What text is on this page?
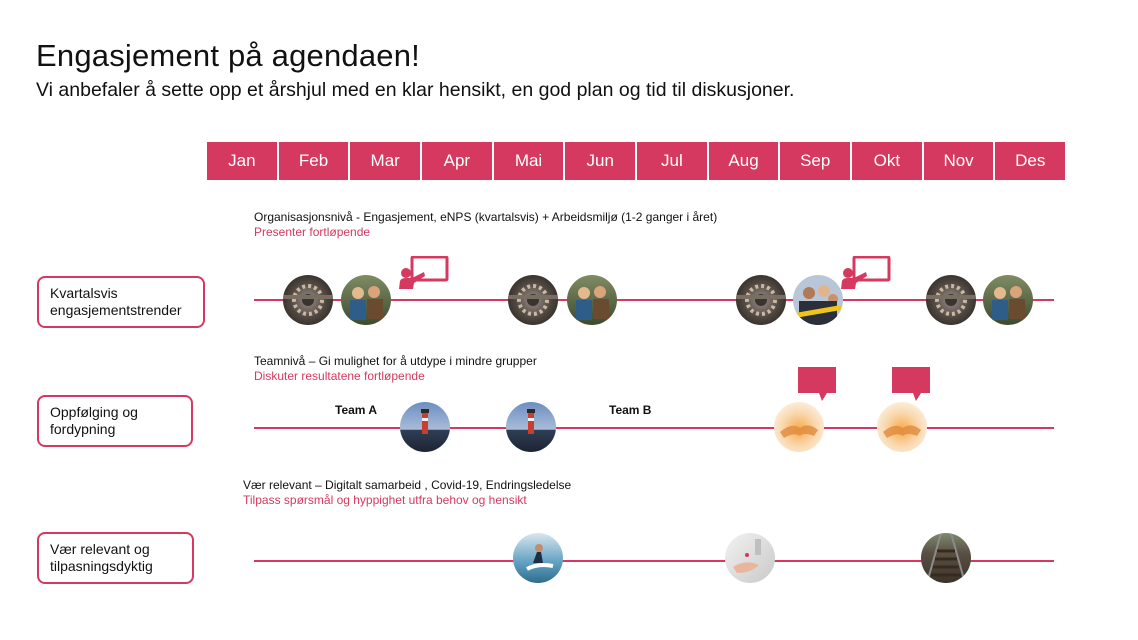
Engasjement på agendaen!
Vi anbefaler å sette opp et årshjul med en klar hensikt, en god plan og tid til diskusjoner.
Jan	Feb	Mar	Apr	Mai	Jun	Jul	Aug	Sep	Okt	Nov	Des
Organisasjonsnivå - Engasjement, eNPS (kvartalsvis) + Arbeidsmiljø (1-2 ganger i året)
Presenter fortløpende
Kvartalsvis engasjementstrender
Teamnivå – Gi mulighet for å utdype i mindre grupper
Diskuter resultatene fortløpende
Oppfølging og fordypning
Team A	Team B
Vær relevant – Digitalt samarbeid , Covid-19, Endringsledelse
Tilpass spørsmål og hyppighet utfra behov og hensikt
Vær relevant og tilpasningsdyktig
